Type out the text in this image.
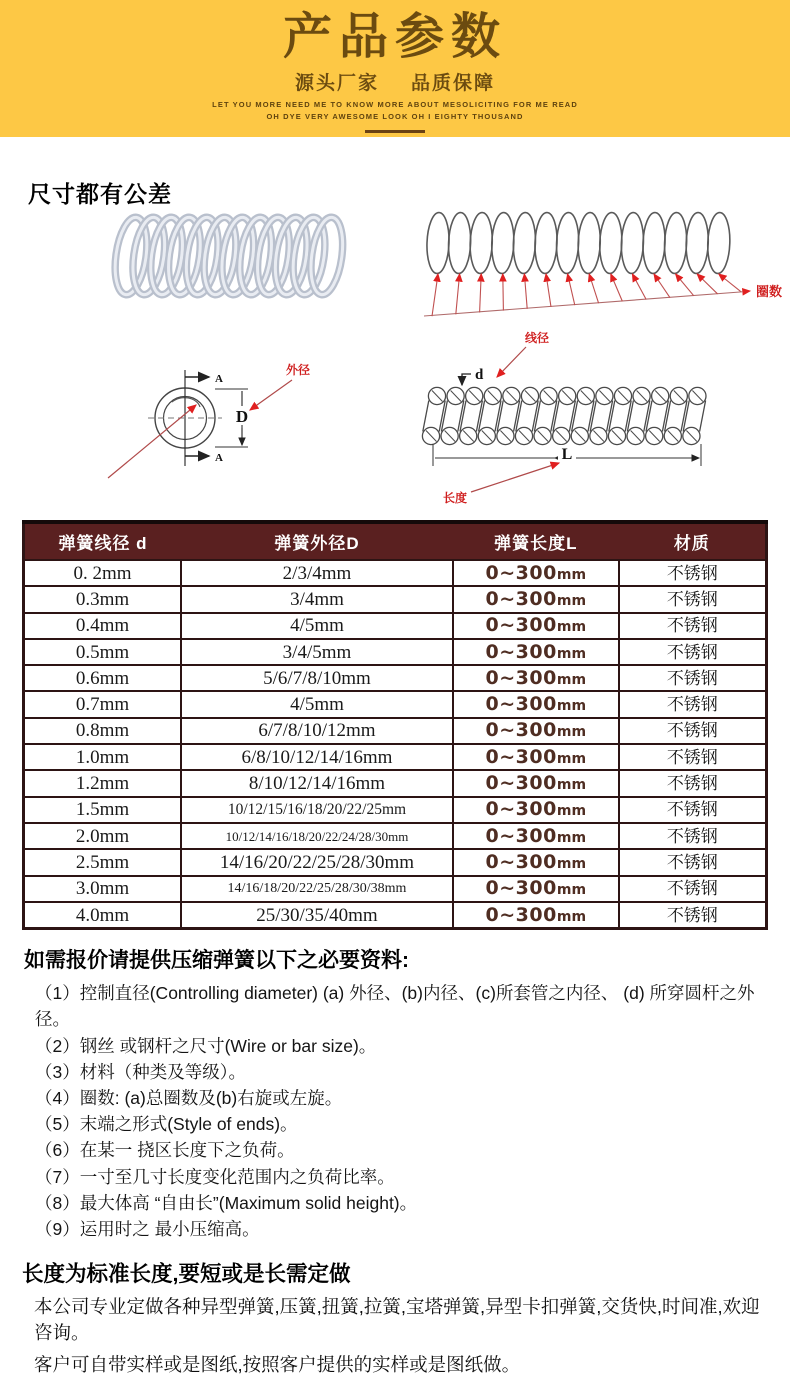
产品参数
源头厂家 品质保障
LET YOU MORE NEED ME TO KNOW MORE ABOUT MESOLICITING FOR ME READ
OH DYE VERY AWESOME LOOK OH I EIGHTY THOUSAND
尺寸都有公差
圈数
A
A
D
外径
L
线径
d
长度
弹簧线径 d	弹簧外径D	弹簧长度L	材质
0. 2mm	2/3/4mm	0~300mm	不锈钢
0.3mm	3/4mm	0~300mm	不锈钢
0.4mm	4/5mm	0~300mm	不锈钢
0.5mm	3/4/5mm	0~300mm	不锈钢
0.6mm	5/6/7/8/10mm	0~300mm	不锈钢
0.7mm	4/5mm	0~300mm	不锈钢
0.8mm	6/7/8/10/12mm	0~300mm	不锈钢
1.0mm	6/8/10/12/14/16mm	0~300mm	不锈钢
1.2mm	8/10/12/14/16mm	0~300mm	不锈钢
1.5mm	10/12/15/16/18/20/22/25mm	0~300mm	不锈钢
2.0mm	10/12/14/16/18/20/22/24/28/30mm	0~300mm	不锈钢
2.5mm	14/16/20/22/25/28/30mm	0~300mm	不锈钢
3.0mm	14/16/18/20/22/25/28/30/38mm	0~300mm	不锈钢
4.0mm	25/30/35/40mm	0~300mm	不锈钢
如需报价请提供压缩弹簧以下之必要资料:
（1）控制直径(Controlling diameter) (a) 外径、(b)内径、(c)所套管之内径、 (d) 所穿圆杆之外径。
（2）钢丝 或钢杆之尺寸(Wire or bar size)。
（3）材料（种类及等级）。
（4）圈数: (a)总圈数及(b)右旋或左旋。
（5）末端之形式(Style of ends)。
（6）在某一 挠区长度下之负荷。
（7）一寸至几寸长度变化范围内之负荷比率。
（8）最大体高 “自由长”(Maximum solid height)。
（9）运用时之 最小压缩高。
长度为标准长度,要短或是长需定做
本公司专业定做各种异型弹簧,压簧,扭簧,拉簧,宝塔弹簧,异型卡扣弹簧,交货快,时间准,欢迎咨询。
客户可自带实样或是图纸,按照客户提供的实样或是图纸做。
